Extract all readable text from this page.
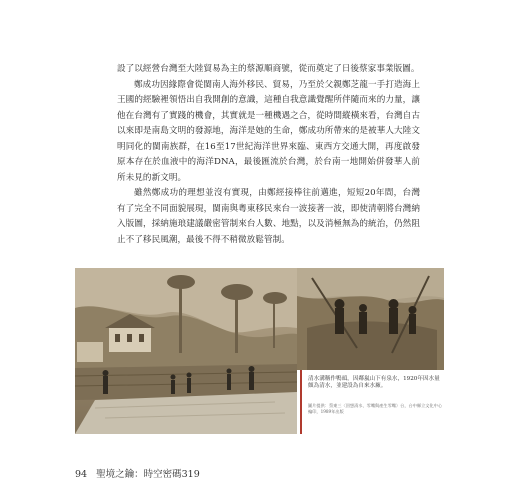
設了以經營台灣至大陸貿易為主的蔡源順商號，從而奠定了日後蔡家事業版圖。

鄭成功因緣際會從閩南人海外移民、貿易，乃至於父親鄭芝龍一手打造海上王國的經驗裡領悟出自我開創的意識，這種自我意識覺醒所伴隨而來的力量，讓他在台灣有了實踐的機會，其實就是一種機遇之合，從時間縱橫來看，台灣自古以來即是南島文明的發源地，海洋是她的生命，鄭成功所帶來的是被華人大陸文明同化的閩南族群，在16至17世紀海洋世界來臨、東西方交通大開，再度啟發原本存在於血液中的海洋DNA，最後匯流於台灣，於台南一地開始併發華人前所未見的新文明。

雖然鄭成功的理想並沒有實現，由鄭經接棒往前邁進，短短20年間，台灣有了完全不同面貌展現，閩南與粵東移民來台一波接著一波，即使清朝將台灣納入版圖，採納施琅建議嚴密管制來台人數、地點，以及消極無為的統治，仍然阻止不了移民風潮，最後不得不稍微放鬆管制。

清水溝稱作鴨頭，因鄰嵐山下有泉水，1920年因水量頗為清水，並建設為自來水廠。
圖片提供：蔡東三〈回想清水、零嘴與產生零嘴〉台，台中縣立文化中心編印，1989年出版
94 聖境之鑰：時空密碼319
